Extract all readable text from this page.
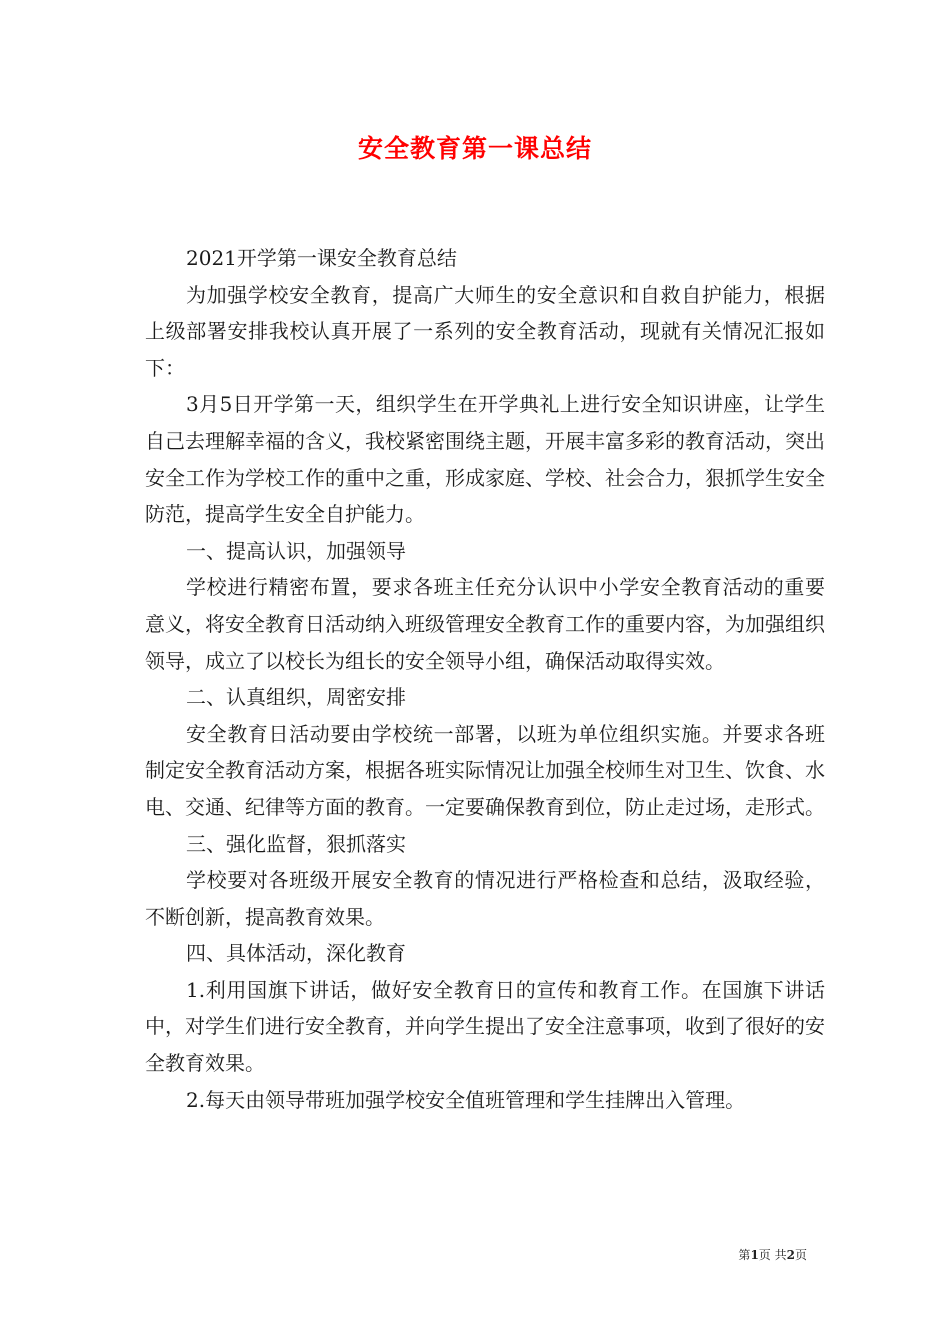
安全教育第一课总结

2021开学第一课安全教育总结

为加强学校安全教育，提高广大师生的安全意识和自救自护能力，根据上级部署安排我校认真开展了一系列的安全教育活动，现就有关情况汇报如下：

3月5日开学第一天，组织学生在开学典礼上进行安全知识讲座，让学生自己去理解幸福的含义，我校紧密围绕主题，开展丰富多彩的教育活动，突出安全工作为学校工作的重中之重，形成家庭、学校、社会合力，狠抓学生安全防范，提高学生安全自护能力。

一、提高认识，加强领导

学校进行精密布置，要求各班主任充分认识中小学安全教育活动的重要意义，将安全教育日活动纳入班级管理安全教育工作的重要内容，为加强组织领导，成立了以校长为组长的安全领导小组，确保活动取得实效。

二、认真组织，周密安排

安全教育日活动要由学校统一部署，以班为单位组织实施。并要求各班制定安全教育活动方案，根据各班实际情况让加强全校师生对卫生、饮食、水电、交通、纪律等方面的教育。一定要确保教育到位，防止走过场，走形式。

三、强化监督，狠抓落实

学校要对各班级开展安全教育的情况进行严格检查和总结，汲取经验，不断创新，提高教育效果。

四、具体活动，深化教育

1.利用国旗下讲话，做好安全教育日的宣传和教育工作。在国旗下讲话中，对学生们进行安全教育，并向学生提出了安全注意事项，收到了很好的安全教育效果。

2.每天由领导带班加强学校安全值班管理和学生挂牌出入管理。

第1页 共2页
